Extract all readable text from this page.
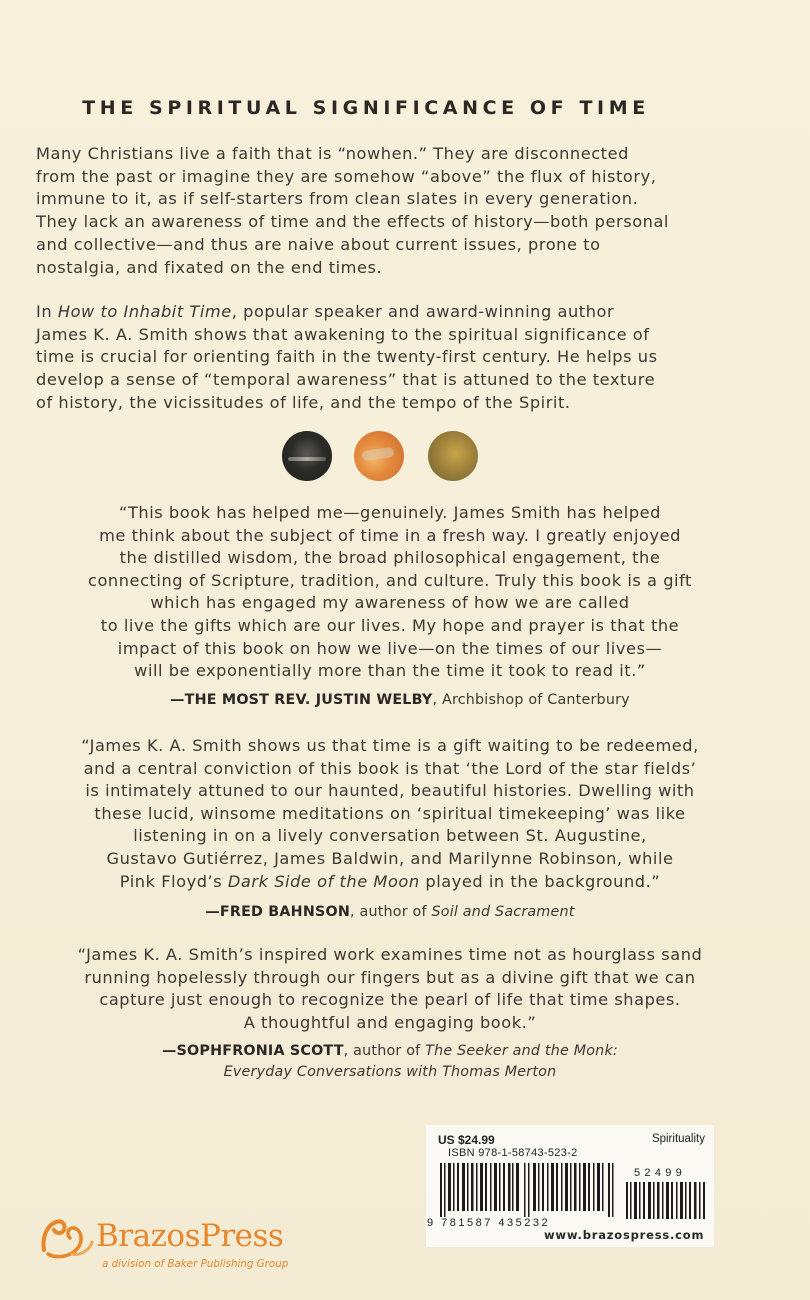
THE SPIRITUAL SIGNIFICANCE OF TIME
Many Christians live a faith that is “nowhen.” They are disconnected
from the past or imagine they are somehow “above” the flux of history,
immune to it, as if self-starters from clean slates in every generation.
They lack an awareness of time and the effects of history—both personal
and collective—and thus are naive about current issues, prone to
nostalgia, and fixated on the end times.
In How to Inhabit Time, popular speaker and award-winning author
James K. A. Smith shows that awakening to the spiritual significance of
time is crucial for orienting faith in the twenty-first century. He helps us
develop a sense of “temporal awareness” that is attuned to the texture
of history, the vicissitudes of life, and the tempo of the Spirit.
“This book has helped me—genuinely. James Smith has helped
me think about the subject of time in a fresh way. I greatly enjoyed
the distilled wisdom, the broad philosophical engagement, the
connecting of Scripture, tradition, and culture. Truly this book is a gift
which has engaged my awareness of how we are called
to live the gifts which are our lives. My hope and prayer is that the
impact of this book on how we live—on the times of our lives—
will be exponentially more than the time it took to read it.”
—THE MOST REV. JUSTIN WELBY, Archbishop of Canterbury
“James K. A. Smith shows us that time is a gift waiting to be redeemed,
and a central conviction of this book is that ‘the Lord of the star fields’
is intimately attuned to our haunted, beautiful histories. Dwelling with
these lucid, winsome meditations on ‘spiritual timekeeping’ was like
listening in on a lively conversation between St. Augustine,
Gustavo Gutiérrez, James Baldwin, and Marilynne Robinson, while
Pink Floyd’s Dark Side of the Moon played in the background.”
—FRED BAHNSON, author of Soil and Sacrament
“James K. A. Smith’s inspired work examines time not as hourglass sand
running hopelessly through our fingers but as a divine gift that we can
capture just enough to recognize the pearl of life that time shapes.
A thoughtful and engaging book.”
—SOPHFRONIA SCOTT, author of The Seeker and the Monk:
Everyday Conversations with Thomas Merton
BrazosPress
a division of Baker Publishing Group
US $24.99	Spirituality
ISBN 978-1-58743-523-2
9 781587 435232
52499
www.brazospress.com
